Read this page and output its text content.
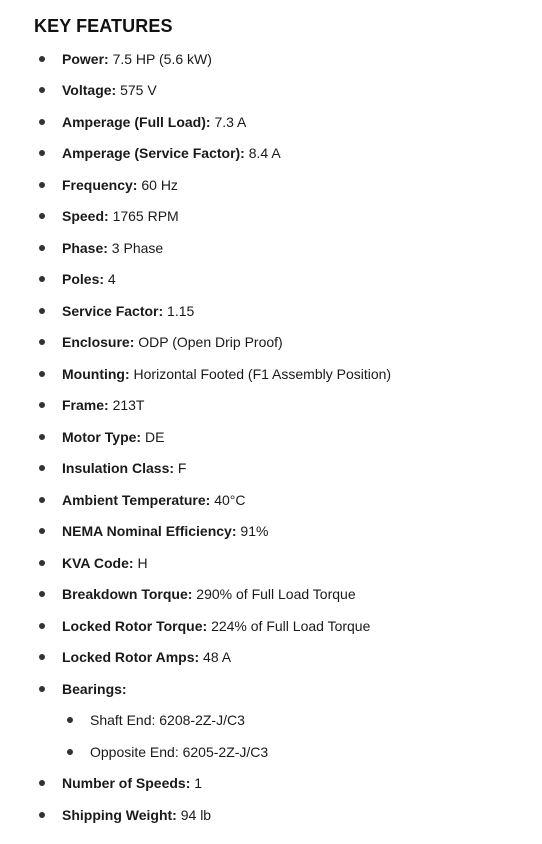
KEY FEATURES
Power: 7.5 HP (5.6 kW)
Voltage: 575 V
Amperage (Full Load): 7.3 A
Amperage (Service Factor): 8.4 A
Frequency: 60 Hz
Speed: 1765 RPM
Phase: 3 Phase
Poles: 4
Service Factor: 1.15
Enclosure: ODP (Open Drip Proof)
Mounting: Horizontal Footed (F1 Assembly Position)
Frame: 213T
Motor Type: DE
Insulation Class: F
Ambient Temperature: 40°C
NEMA Nominal Efficiency: 91%
KVA Code: H
Breakdown Torque: 290% of Full Load Torque
Locked Rotor Torque: 224% of Full Load Torque
Locked Rotor Amps: 48 A
Bearings:
Shaft End: 6208-2Z-J/C3
Opposite End: 6205-2Z-J/C3
Number of Speeds: 1
Shipping Weight: 94 lb
